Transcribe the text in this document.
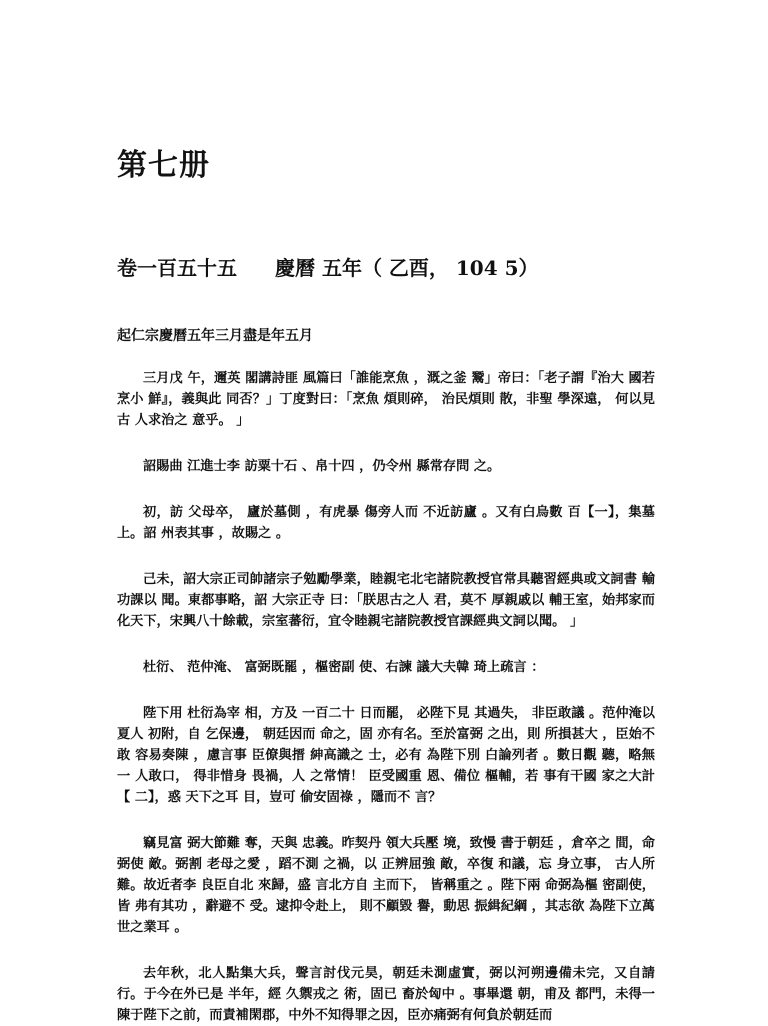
第七册
卷一百五十五 慶曆 五年（ 乙酉， 104 5）
起仁宗慶曆五年三月盡是年五月

三月戊 午，邇英 閣講詩匪 風篇曰「誰能烹魚 ，溉之釜 鬵」帝曰：「老子謂『治大 國若烹小 鮮』，義與此 同否？」丁度對曰：「烹魚 煩則碎， 治民煩則 散，非聖 學深遠， 何以見古 人求治之 意乎。 」

詔賜曲 江進士李 訪粟十石 、帛十四 ，仍令州 縣常存問 之。

初，訪 父母卒， 廬於墓側 ，有虎暴 傷旁人而 不近訪廬 。又有白烏數 百【一】，集墓上。詔 州表其事 ，故賜之 。

己未，詔大宗正司帥諸宗子勉勵學業，睦親宅北宅諸院教授官常具聽習經典或文詞書 輸功課以 聞。東都事略，詔 大宗正寺 曰：「朕思古之人 君，莫不 厚親戚以 輔王室，始邦家而化天下，宋興八十餘載，宗室蕃衍，宜令睦親宅諸院教授官課經典文詞以聞。 」

杜衍、 范仲淹、 富弼既罷 ，樞密副 使、右諫 議大夫韓 琦上疏言 ：

陛下用 杜衍為宰 相，方及 一百二十 日而罷， 必陛下見 其過失， 非臣敢議 。范仲淹以夏人 初附，自 乞保邊， 朝廷因而 命之，固 亦有名。至於富弼 之出，則 所損甚大 ，臣始不敢 容易奏陳 ，慮言事 臣僚與搢 紳高識之 士，必有 為陛下別 白論列者 。數日觀 聽，略無一 人敢口， 得非惜身 畏禍，人 之常情！ 臣受國重 恩、備位 樞輔，若 事有干國 家之大計【 二】，惑 天下之耳 目，豈可 偷安固祿 ，隱而不 言？

竊見富 弼大節難 奪，天與 忠義。昨契丹 領大兵壓 境，致慢 書于朝廷 ，倉卒之 間，命弼使 敵。弼割 老母之愛 ，蹈不測 之禍，以 正辨屈強 敵，卒復 和議，忘 身立事， 古人所難。故近者李 良臣自北 來歸，盛 言北方自 主而下， 皆稱重之 。陛下兩 命弼為樞 密副使，皆 弗有其功 ，辭避不 受。逮抑令赴上， 則不顧毀 譽，動思 振緝紀綱 ，其志欲 為陛下立萬 世之業耳 。

去年秋，北人點集大兵，聲言討伐元昊，朝廷未測虛實，弼以河朔邊備未完，又自請 行。于今在外已是 半年，經 久禦戎之 術，固已 畜於匈中 。事畢還 朝，甫及 都門，未得一陳于陛下之前，而責補閑郡，中外不知得罪之因，臣亦痛弼有何負於朝廷而
